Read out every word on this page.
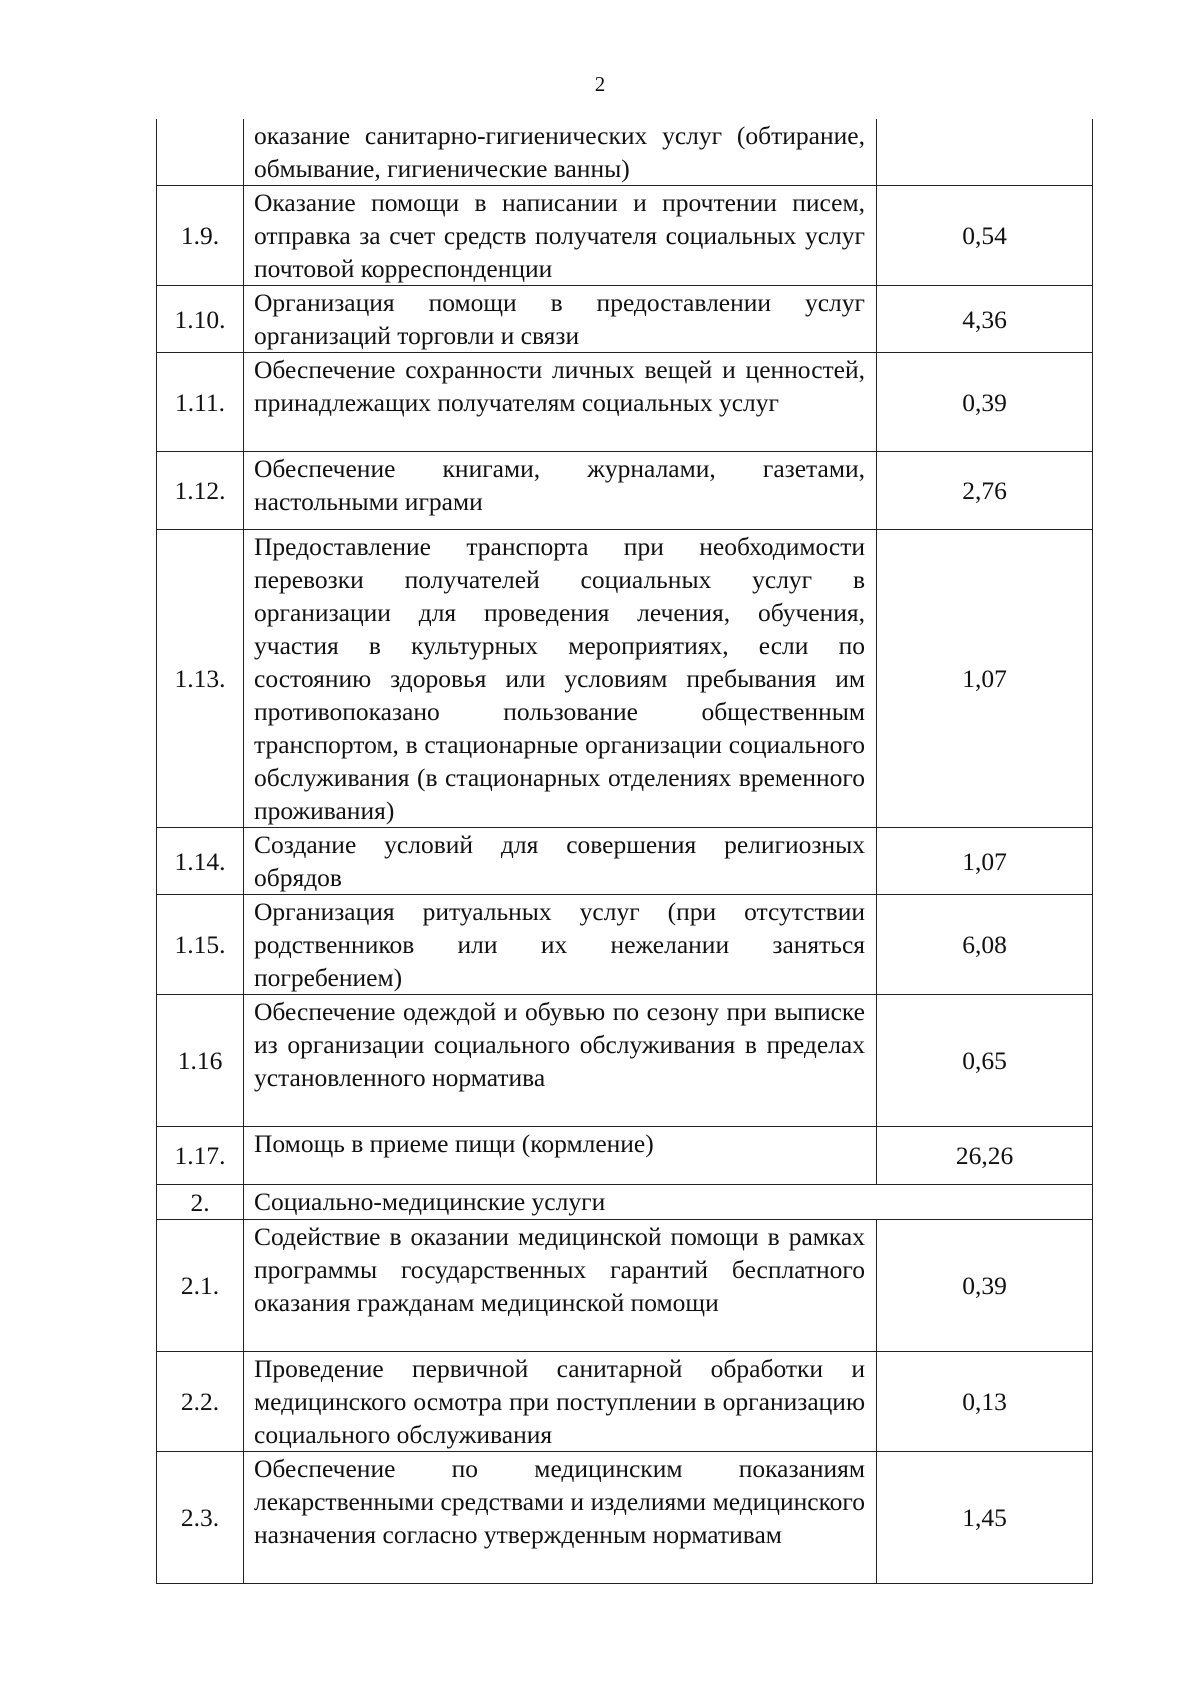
2
	оказание санитарно-гигиенических услуг (обтирание, обмывание, гигиенические ванны)	
1.9.	Оказание помощи в написании и прочтении писем, отправка за счет средств получателя социальных услуг почтовой корреспонденции	0,54
1.10.	Организация помощи в предоставлении услуг организаций торговли и связи	4,36
1.11.	Обеспечение сохранности личных вещей и ценностей, принадлежащих получателям социальных услуг	0,39
1.12.	Обеспечение книгами, журналами, газетами, настольными играми	2,76
1.13.	Предоставление транспорта при необходимости перевозки получателей социальных услуг в организации для проведения лечения, обучения, участия в культурных мероприятиях, если по состоянию здоровья или условиям пребывания им противопоказано пользование общественным транспортом, в стационарные организации социального обслуживания (в стационарных отделениях временного проживания)	1,07
1.14.	Создание условий для совершения религиозных обрядов	1,07
1.15.	Организация ритуальных услуг (при отсутствии родственников или их нежелании заняться погребением)	6,08
1.16	Обеспечение одеждой и обувью по сезону при выписке из организации социального обслуживания в пределах установленного норматива	0,65
1.17.	Помощь в приеме пищи (кормление)	26,26
2.	Социально-медицинские услуги	
2.1.	Содействие в оказании медицинской помощи в рамках программы государственных гарантий бесплатного оказания гражданам медицинской помощи	0,39
2.2.	Проведение первичной санитарной обработки и медицинского осмотра при поступлении в организацию социального обслуживания	0,13
2.3.	Обеспечение по медицинским показаниям лекарственными средствами и изделиями медицинского назначения согласно утвержденным нормативам	1,45
